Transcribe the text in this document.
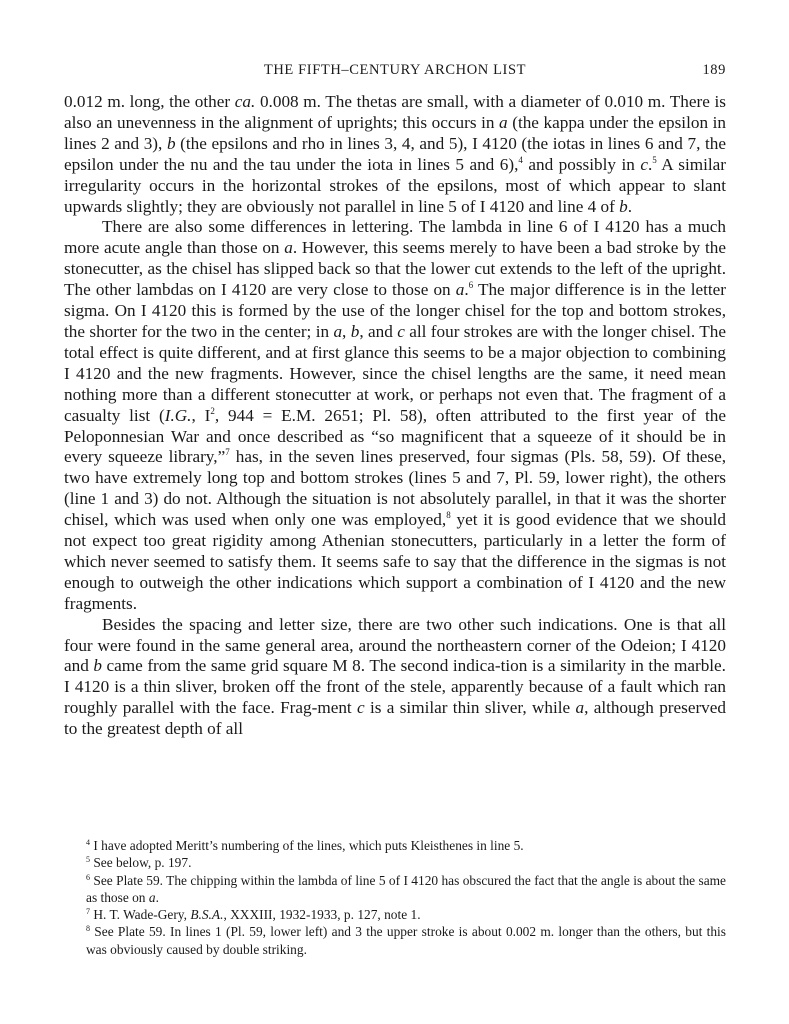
THE FIFTH–CENTURY ARCHON LIST	189

0.012 m. long, the other ca. 0.008 m. The thetas are small, with a diameter of 0.010 m. There is also an unevenness in the alignment of uprights; this occurs in a (the kappa under the epsilon in lines 2 and 3), b (the epsilons and rho in lines 3, 4, and 5), I 4120 (the iotas in lines 6 and 7, the epsilon under the nu and the tau under the iota in lines 5 and 6),$^4$ and possibly in c.$^5$ A similar irregularity occurs in the horizontal strokes of the epsilons, most of which appear to slant upwards slightly; they are obviously not parallel in line 5 of I 4120 and line 4 of b.

There are also some differences in lettering. The lambda in line 6 of I 4120 has a much more acute angle than those on a. However, this seems merely to have been a bad stroke by the stonecutter, as the chisel has slipped back so that the lower cut extends to the left of the upright. The other lambdas on I 4120 are very close to those on a.$^6$ The major difference is in the letter sigma. On I 4120 this is formed by the use of the longer chisel for the top and bottom strokes, the shorter for the two in the center; in a, b, and c all four strokes are with the longer chisel. The total effect is quite different, and at first glance this seems to be a major objection to combining I 4120 and the new fragments. However, since the chisel lengths are the same, it need mean nothing more than a different stonecutter at work, or perhaps not even that. The fragment of a casualty list (I.G., $I^2$, 944 = E.M. 2651; Pl. 58), often attributed to the first year of the Peloponnesian War and once described as “so magnificent that a squeeze of it should be in every squeeze library,”$^7$ has, in the seven lines preserved, four sigmas (Pls. 58, 59). Of these, two have extremely long top and bottom strokes (lines 5 and 7, Pl. 59, lower right), the others (line 1 and 3) do not. Although the situation is not absolutely parallel, in that it was the shorter chisel, which was used when only one was employed,$^8$ yet it is good evidence that we should not expect too great rigidity among Athenian stonecutters, particularly in a letter the form of which never seemed to satisfy them. It seems safe to say that the difference in the sigmas is not enough to outweigh the other indications which support a combination of I 4120 and the new fragments.

Besides the spacing and letter size, there are two other such indications. One is that all four were found in the same general area, around the northeastern corner of the Odeion; I 4120 and b came from the same grid square M 8. The second indica-tion is a similarity in the marble. I 4120 is a thin sliver, broken off the front of the stele, apparently because of a fault which ran roughly parallel with the face. Frag-ment c is a similar thin sliver, while a, although preserved to the greatest depth of all

$^4$ I have adopted Meritt’s numbering of the lines, which puts Kleisthenes in line 5.

$^5$ See below, p. 197.

$^6$ See Plate 59. The chipping within the lambda of line 5 of I 4120 has obscured the fact that the angle is about the same as those on a.

$^7$ H. T. Wade-Gery, B.S.A., XXXIII, 1932-1933, p. 127, note 1.

$^8$ See Plate 59. In lines 1 (Pl. 59, lower left) and 3 the upper stroke is about 0.002 m. longer than the others, but this was obviously caused by double striking.
